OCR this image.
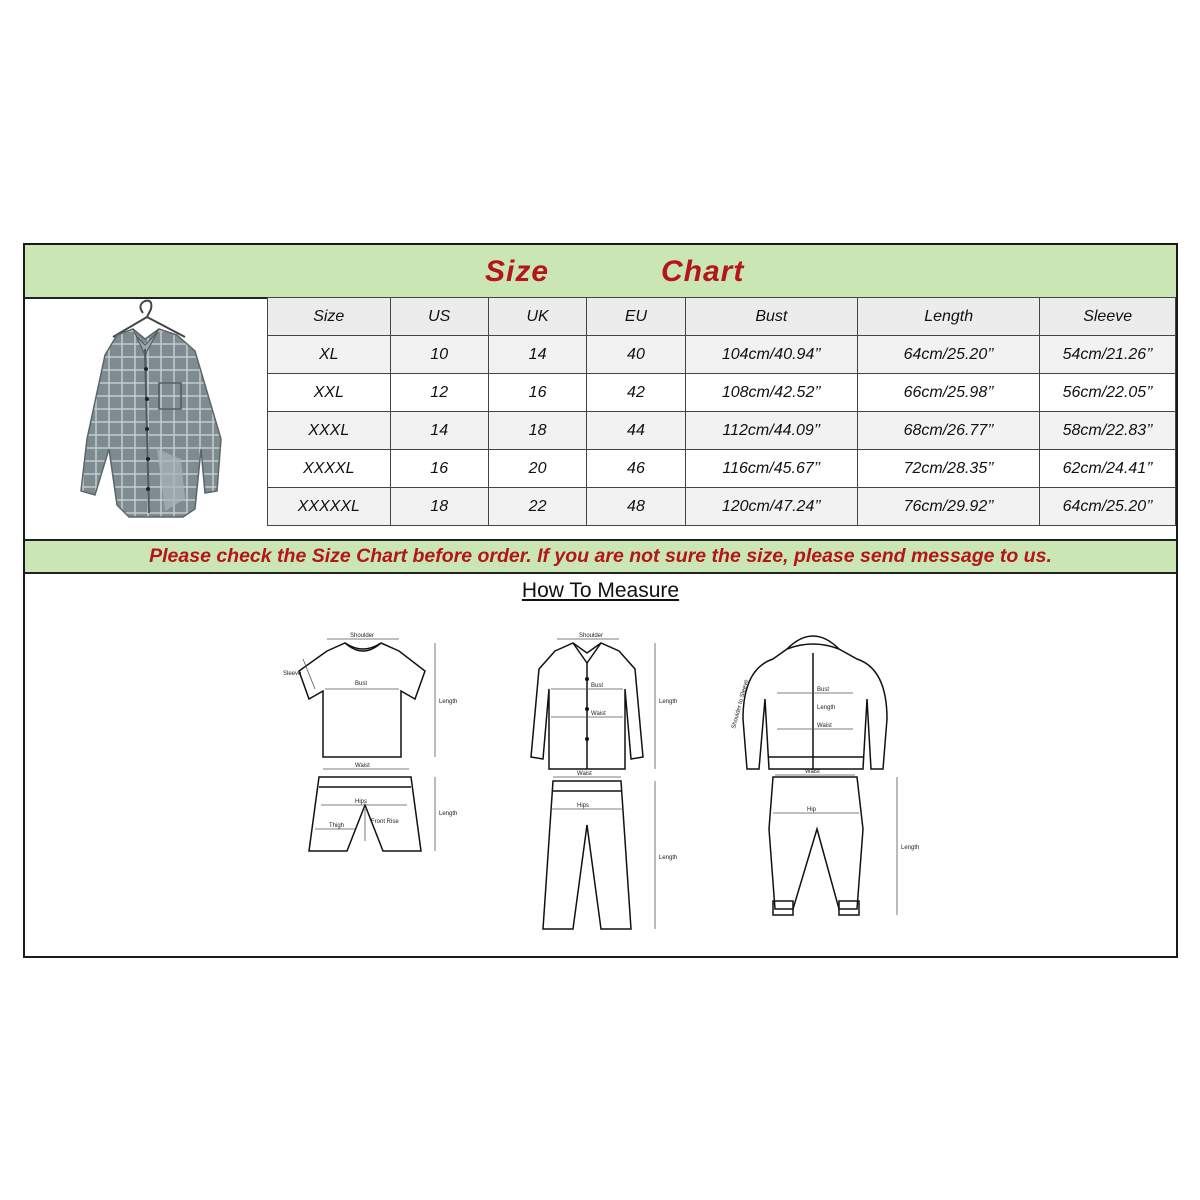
Size	Chart
Size	US	UK	EU	Bust	Length	Sleeve
XL	10	14	40	104cm/40.94’’	64cm/25.20’’	54cm/21.26’’
XXL	12	16	42	108cm/42.52’’	66cm/25.98’’	56cm/22.05’’
XXXL	14	18	44	112cm/44.09’’	68cm/26.77’’	58cm/22.83’’
XXXXL	16	20	46	116cm/45.67’’	72cm/28.35’’	62cm/24.41’’
XXXXXL	18	22	48	120cm/47.24’’	76cm/29.92’’	64cm/25.20’’
Please check the Size Chart before order. If you are not sure the size, please send message to us.
How To Measure
Shoulder
Sleeve
Bust
Length
Waist
Hips
Front Rise
Thigh
Length
Shoulder
Bust
Waist
Length
Waist
Hips
Length
Shoulder to Sleeve	Bust
Length
Waist
Waist
Hip
Length
